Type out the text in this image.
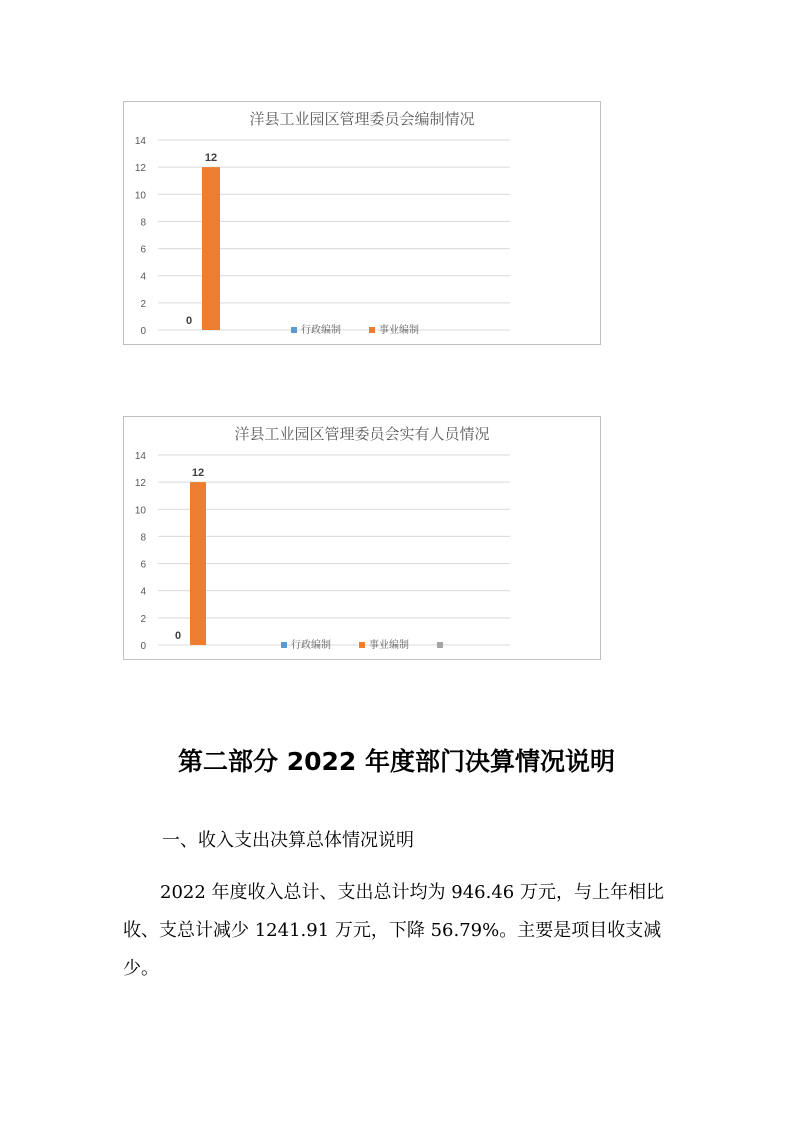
洋县工业园区管理委员会编制情况
0
2
4
6
8
10
12
14
0
12
行政编制	事业编制
洋县工业园区管理委员会实有人员情况
0
2
4
6
8
10
12
14
0
12
行政编制	事业编制
第二部分 2022 年度部门决算情况说明
一、收入支出决算总体情况说明
2022 年度收入总计、支出总计均为 946.46 万元，与上年相比收、支总计减少 1241.91 万元，下降 56.79%。主要是项目收支减少。
